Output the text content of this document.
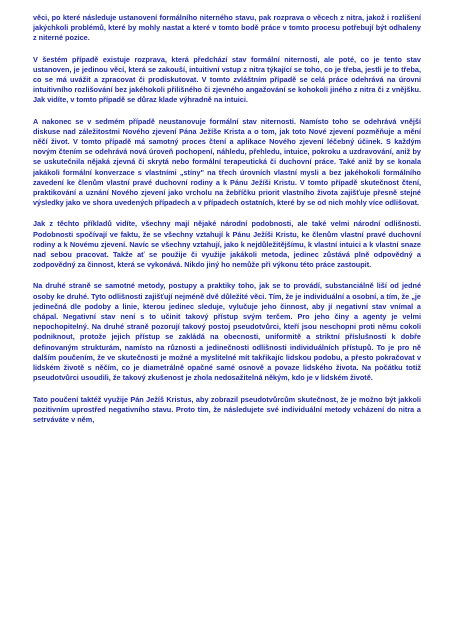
věci, po které následuje ustanovení formálního niterného stavu, pak rozprava o věcech z nitra, jakož i rozlišení jakýchkoli problémů, které by mohly nastat a které v tomto bodě práce v tomto procesu potřebují být odhaleny z niterné pozice.

V šestém případě existuje rozprava, která předchází stav formální niternosti, ale poté, co je tento stav ustanoven, je jedinou věcí, která se zakouší, intuitivní vstup z nitra týkající se toho, co je třeba, jestli je to třeba, co se má uvážit a zpracovat či prodiskutovat. V tomto zvláštním případě se celá práce odehrává na úrovni intuitivního rozlišování bez jakéhokoli přilišného či zjevného angažování se kohokoli jiného z nitra či z vnějšku. Jak vidíte, v tomto případě se důraz klade výhradně na intuici.

A nakonec se v sedmém případě neustanovuje formální stav niternosti. Namísto toho se odehrává vnější diskuse nad záležitostmi Nového zjevení Pána Ježíše Krista a o tom, jak toto Nové zjevení pozměňuje a mění něčí život. V tomto případě má samotný proces čtení a aplikace Nového zjevení léčebný účinek. S každým novým čtením se odehrává nová úroveň pochopení, náhledu, přehledu, intuice, pokroku a uzdravování, aniž by se uskutečnila nějaká zjevná či skrytá nebo formální terapeutická či duchovní práce. Také aniž by se konala jakákoli formální konverzace s vlastními „stíny" na třech úrovních vlastní mysli a bez jakéhokoli formálního zavedení ke členům vlastní pravé duchovní rodiny a k Pánu Ježíši Kristu. V tomto případě skutečnost čtení, praktikování a uznání Nového zjevení jako vrcholu na žebříčku priorit vlastního života zajišťuje přesně stejné výsledky jako ve shora uvedených případech a v případech ostatních, které by se od nich mohly více odlišovat.

Jak z těchto příkladů vidíte, všechny mají nějaké národní podobnosti, ale také velmi národní odlišnosti. Podobnosti spočívají ve faktu, že se všechny vztahují k Pánu Ježíši Kristu, ke členům vlastní pravé duchovní rodiny a k Novému zjevení. Navíc se všechny vztahují, jako k nejdůležitějšímu, k vlastní intuici a k vlastní snaze nad sebou pracovat. Takže ať se použije či využije jakákoli metoda, jedinec zůstává plně odpovědný a zodpovědný za činnost, která se vykonává. Nikdo jiný ho nemůže při výkonu této práce zastoupit.

Na druhé straně se samotné metody, postupy a praktiky toho, jak se to provádí, substanciálně liší od jedné osoby ke druhé. Tyto odlišnosti zajišťují nejméně dvě důležité věci. Tím, že je individuální a osobní, a tím, že „je jedinečná dle podoby a linie, kterou jedinec sleduje, vylučuje jeho činnost, aby jí negativní stav vnímal a chápal. Negativní stav není s to učinit takový přístup svým terčem. Pro jeho činy a agenty je velmi nepochopitelný. Na druhé straně pozorují takový postoj pseudotvůrci, kteří jsou neschopni proti němu cokoli podniknout, protože jejich přístup se zakládá na obecnosti, uniformitě a striktní příslušnosti k dobře definovaným strukturám, namísto na různosti a jedinečnosti odlišnosti individuálních přístupů. To je pro ně dalším poučením, že ve skutečnosti je možné a myslitelné mít takřikajíc lidskou podobu, a přesto pokračovat v lidském životě s něčím, co je diametrálně opačné samé osnově a povaze lidského života. Na počátku totiž pseudotvůrci usoudili, že takový zkušenost je zhola nedosažitelná někým, kdo je v lidském životě.

Tato poučení taktéž využije Pán Ježíš Kristus, aby zobrazil pseudotvůrcům skutečnost, že je možno být jakkoli pozitivním uprostřed negativního stavu. Proto tím, že následujete své individuální metody vcházení do nitra a setrváváte v něm,
